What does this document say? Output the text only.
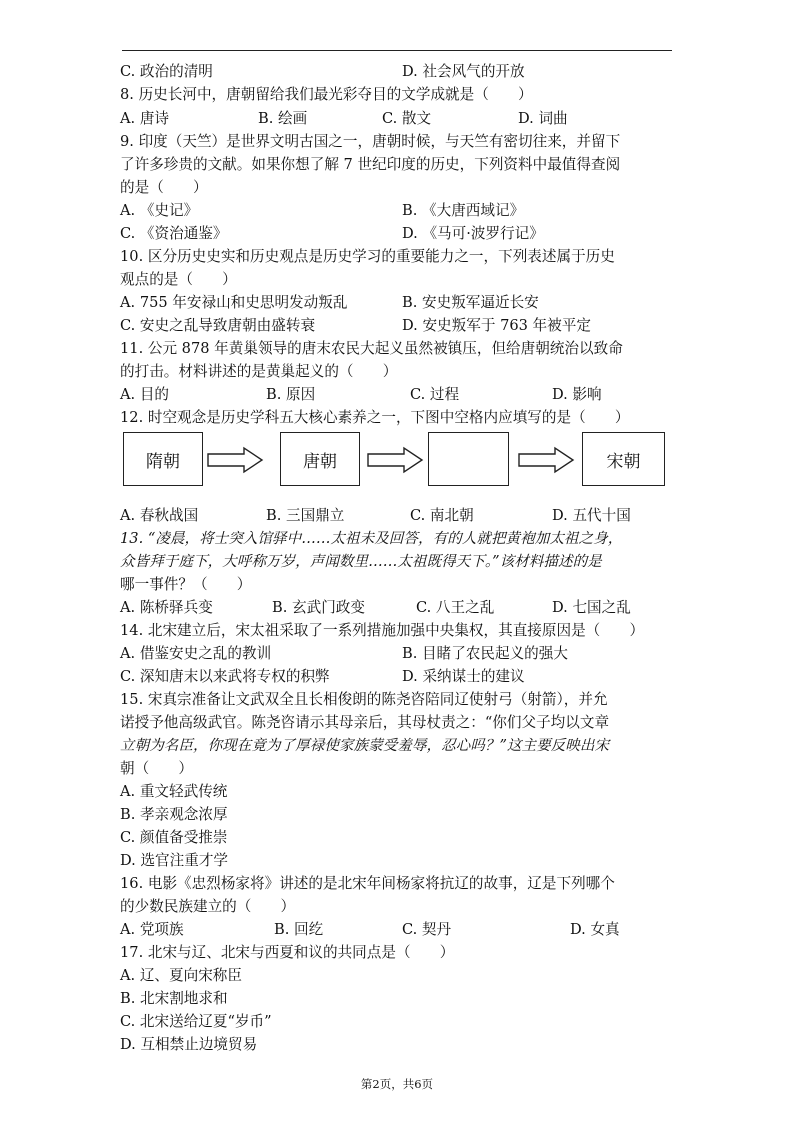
C. 政治的清明	D. 社会风气的开放
8. 历史长河中，唐朝留给我们最光彩夺目的文学成就是（　　）
A. 唐诗	B. 绘画	C. 散文	D. 词曲
9. 印度（天竺）是世界文明古国之一，唐朝时候，与天竺有密切往来，并留下
了许多珍贵的文献。如果你想了解 7 世纪印度的历史，下列资料中最值得查阅
的是（　　）
A. 《史记》	B. 《大唐西域记》
C. 《资治通鉴》	D. 《马可·波罗行记》
10. 区分历史史实和历史观点是历史学习的重要能力之一，下列表述属于历史
观点的是（　　）
A. 755 年安禄山和史思明发动叛乱	B. 安史叛军逼近长安
C. 安史之乱导致唐朝由盛转衰	D. 安史叛军于 763 年被平定
11. 公元 878 年黄巢领导的唐末农民大起义虽然被镇压，但给唐朝统治以致命
的打击。材料讲述的是黄巢起义的（　　）
A. 目的	B. 原因	C. 过程	D. 影响
12. 时空观念是历史学科五大核心素养之一，下图中空格内应填写的是（　　）
隋朝	唐朝	宋朝
A. 春秋战国	B. 三国鼎立	C. 南北朝	D. 五代十国
13. “凌晨，将士突入馆驿中……太祖未及回答，有的人就把黄袍加太祖之身，
众皆拜于庭下，大呼称万岁，声闻数里……太祖既得天下。”该材料描述的是
哪一事件？（　　）
A. 陈桥驿兵变	B. 玄武门政变	C. 八王之乱	D. 七国之乱
14. 北宋建立后，宋太祖采取了一系列措施加强中央集权，其直接原因是（　　）
A. 借鉴安史之乱的教训	B. 目睹了农民起义的强大
C. 深知唐末以来武将专权的积弊	D. 采纳谋士的建议
15. 宋真宗准备让文武双全且长相俊朗的陈尧咨陪同辽使射弓（射箭），并允
诺授予他高级武官。陈尧咨请示其母亲后，其母杖责之：“你们父子均以文章
立朝为名臣，你现在竟为了厚禄使家族蒙受羞辱，忍心吗？”这主要反映出宋
朝（　　）
A. 重文轻武传统
B. 孝亲观念浓厚
C. 颜值备受推崇
D. 选官注重才学
16. 电影《忠烈杨家将》讲述的是北宋年间杨家将抗辽的故事，辽是下列哪个
的少数民族建立的（　　）
A. 党项族	B. 回纥	C. 契丹	D. 女真
17. 北宋与辽、北宋与西夏和议的共同点是（　　）
A. 辽、夏向宋称臣
B. 北宋割地求和
C. 北宋送给辽夏“岁币”
D. 互相禁止边境贸易
第2页，共6页
